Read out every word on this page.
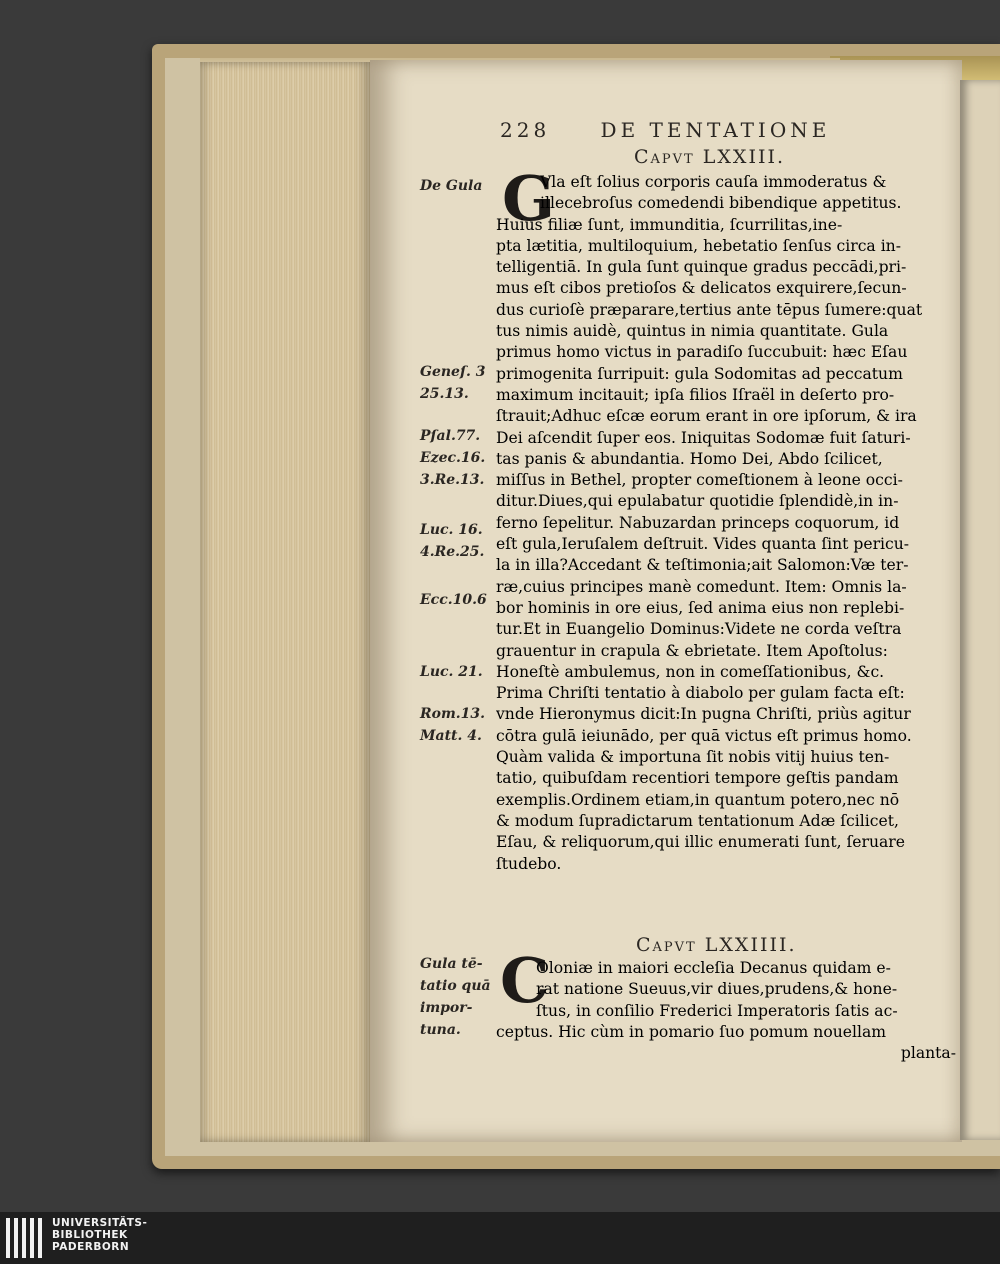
228	DE TENTATIONE
Capvt LXXIII.
G
Vla eſt ſolius corporis cauſa immoderatus &
illecebroſus comedendi bibendique appetitus.
Huius filiæ ſunt, immunditia, ſcurrilitas,ine-
pta lætitia, multiloquium, hebetatio ſenſus circa in-
telligentiā. In gula ſunt quinque gradus peccādi,pri-
mus eſt cibos pretioſos & delicatos exquirere,ſecun-
dus curioſè præparare,tertius ante tēpus ſumere:quat
tus nimis auidè, quintus in nimia quantitate. Gula
primus homo victus in paradiſo ſuccubuit: hæc Eſau
primogenita ſurripuit: gula Sodomitas ad peccatum
maximum incitauit; ipſa filios Iſraël in deſerto pro-
ſtrauit;Adhuc eſcæ eorum erant in ore ipſorum, & ira
Dei aſcendit ſuper eos. Iniquitas Sodomæ fuit ſaturi-
tas panis & abundantia. Homo Dei, Abdo ſcilicet,
miſſus in Bethel, propter comeſtionem à leone occi-
ditur.Diues,qui epulabatur quotidie ſplendidè,in in-
ferno ſepelitur. Nabuzardan princeps coquorum, id
eſt gula,Ieruſalem deſtruit. Vides quanta ſint pericu-
la in illa?Accedant & teſtimonia;ait Salomon:Væ ter-
ræ,cuius principes manè comedunt. Item: Omnis la-
bor hominis in ore eius, ſed anima eius non replebi-
tur.Et in Euangelio Dominus:Videte ne corda veſtra
grauentur in crapula & ebrietate. Item Apoſtolus:
Honeſtè ambulemus, non in comeſſationibus, &c.
Prima Chriſti tentatio à diabolo per gulam facta eſt:
vnde Hieronymus dicit:In pugna Chriſti, priùs agitur
cōtra gulā ieiunādo, per quā victus eſt primus homo.
Quàm valida & importuna ſit nobis vitij huius ten-
tatio, quibuſdam recentiori tempore geſtis pandam
exemplis.Ordinem etiam,in quantum potero,nec nō
& modum ſupradictarum tentationum Adæ ſcilicet,
Eſau, & reliquorum,qui illic enumerati ſunt, ſeruare
ſtudebo.
Capvt LXXIIII.
C
Oloniæ in maiori eccleſia Decanus quidam e-
rat natione Sueuus,vir diues,prudens,& hone-
ſtus, in conſilio Frederici Imperatoris ſatis ac-
ceptus. Hic cùm in pomario ſuo pomum nouellam
planta-
De Gula
Geneſ. 3
25.13.
Pſal.77.
Ezec.16.
3.Re.13.
Luc. 16.
4.Re.25.
Ecc.10.6
Luc. 21.
Rom.13.
Matt. 4.
Gula tē-
tatio quā
impor-
tuna.
UNIVERSITÄTS-
BIBLIOTHEK
PADERBORN
